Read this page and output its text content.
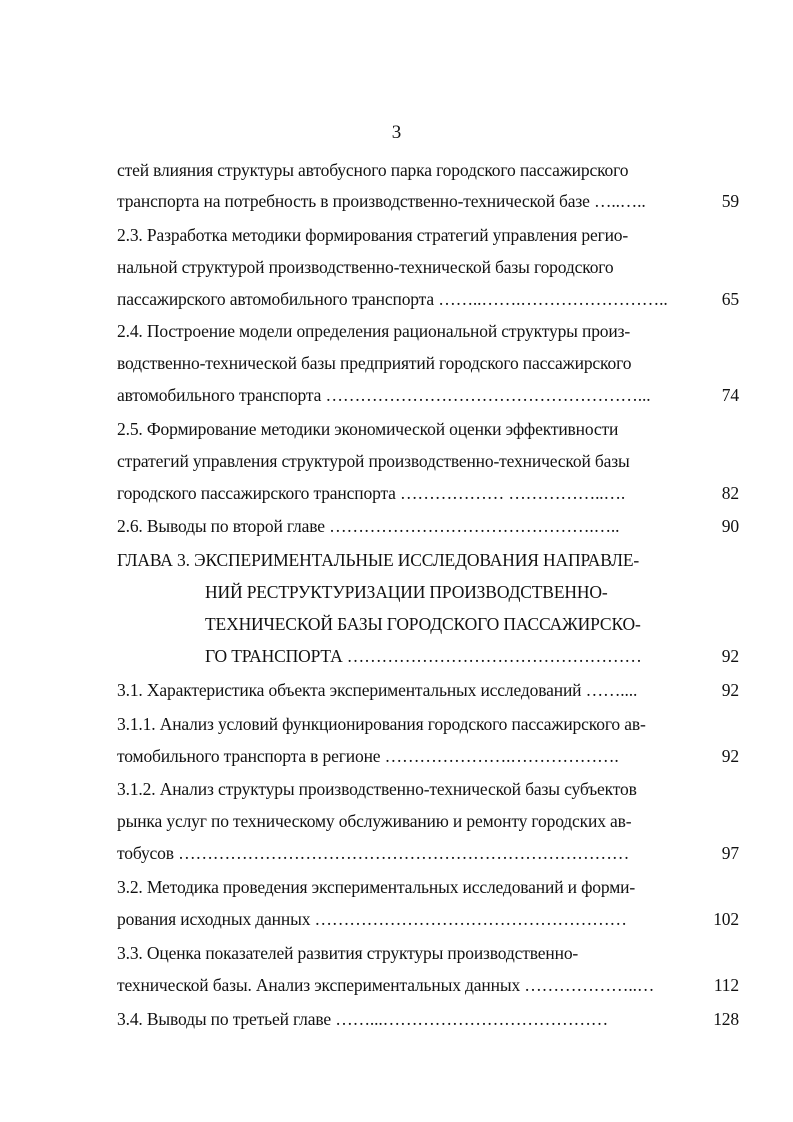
3
стей влияния структуры автобусного парка городского пассажирского
транспорта на потребность в производственно-технической базе …..…..	59
2.3. Разработка методики формирования стратегий управления регио-
нальной структурой производственно-технической базы городского
пассажирского автомобильного транспорта ……..…….……………………..	65
2.4. Построение модели определения рациональной структуры произ-
водственно-технической базы предприятий городского пассажирского
автомобильного транспорта ………………………………………………...	74
2.5. Формирование методики экономической оценки эффективности
стратегий управления структурой производственно-технической базы
городского пассажирского транспорта ……………… ……………..….	82
2.6. Выводы по второй главе ……………………………………….…..	90
ГЛАВА 3. ЭКСПЕРИМЕНТАЛЬНЫЕ ИССЛЕДОВАНИЯ НАПРАВЛЕ-
НИЙ РЕСТРУКТУРИЗАЦИИ ПРОИЗВОДСТВЕННО-
ТЕХНИЧЕСКОЙ БАЗЫ ГОРОДСКОГО ПАССАЖИРСКО-
ГО ТРАНСПОРТА ……………………………………………	92
3.1. Характеристика объекта экспериментальных исследований ……....	92
3.1.1. Анализ условий функционирования городского пассажирского ав-
томобильного транспорта в регионе ………………….……………….	92
3.1.2. Анализ структуры производственно-технической базы субъектов
рынка услуг по техническому обслуживанию и ремонту городских ав-
тобусов ……………………………………………………………………	97
3.2. Методика проведения экспериментальных исследований и форми-
рования исходных данных ………………………………………………	102
3.3. Оценка показателей развития структуры производственно-
технической базы. Анализ экспериментальных данных ………………..…	112
3.4. Выводы по третьей главе ……...…………………………………	128
